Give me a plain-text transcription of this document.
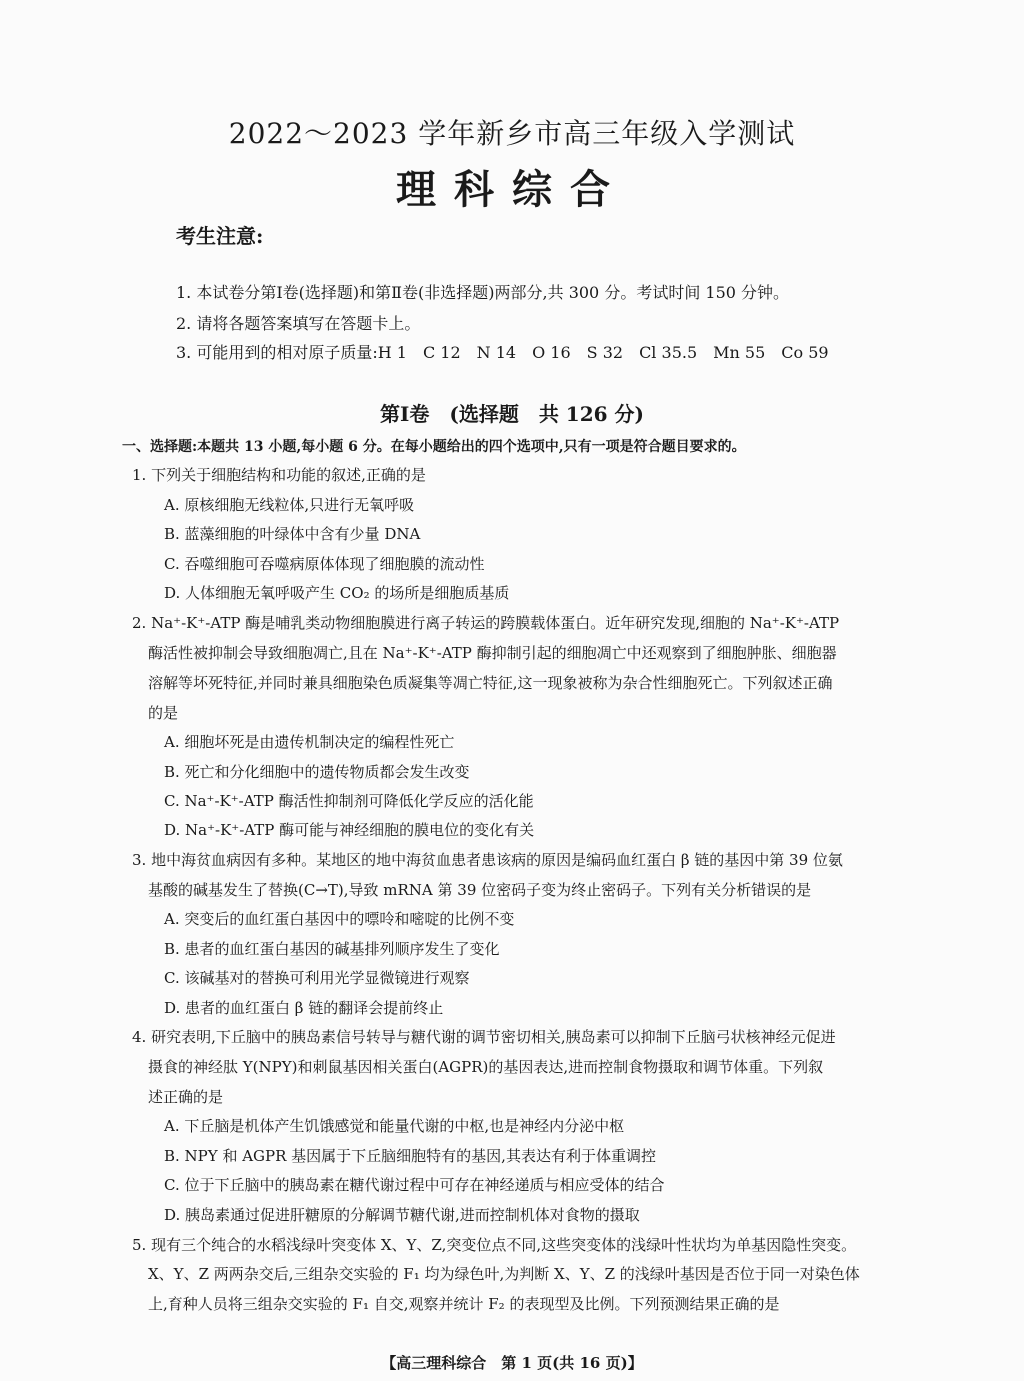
2022～2023 学年新乡市高三年级入学测试
理科综合
考生注意:
1. 本试卷分第Ⅰ卷(选择题)和第Ⅱ卷(非选择题)两部分,共 300 分。考试时间 150 分钟。
2. 请将各题答案填写在答题卡上。
3. 可能用到的相对原子质量:H 1　C 12　N 14　O 16　S 32　Cl 35.5　Mn 55　Co 59
第Ⅰ卷　(选择题　共 126 分)
一、选择题:本题共 13 小题,每小题 6 分。在每小题给出的四个选项中,只有一项是符合题目要求的。
1. 下列关于细胞结构和功能的叙述,正确的是
A. 原核细胞无线粒体,只进行无氧呼吸
B. 蓝藻细胞的叶绿体中含有少量 DNA
C. 吞噬细胞可吞噬病原体体现了细胞膜的流动性
D. 人体细胞无氧呼吸产生 CO₂ 的场所是细胞质基质
2. Na⁺-K⁺-ATP 酶是哺乳类动物细胞膜进行离子转运的跨膜载体蛋白。近年研究发现,细胞的 Na⁺-K⁺-ATP
酶活性被抑制会导致细胞凋亡,且在 Na⁺-K⁺-ATP 酶抑制引起的细胞凋亡中还观察到了细胞肿胀、细胞器
溶解等坏死特征,并同时兼具细胞染色质凝集等凋亡特征,这一现象被称为杂合性细胞死亡。下列叙述正确
的是
A. 细胞坏死是由遗传机制决定的编程性死亡
B. 死亡和分化细胞中的遗传物质都会发生改变
C. Na⁺-K⁺-ATP 酶活性抑制剂可降低化学反应的活化能
D. Na⁺-K⁺-ATP 酶可能与神经细胞的膜电位的变化有关
3. 地中海贫血病因有多种。某地区的地中海贫血患者患该病的原因是编码血红蛋白 β 链的基因中第 39 位氨
基酸的碱基发生了替换(C→T),导致 mRNA 第 39 位密码子变为终止密码子。下列有关分析错误的是
A. 突变后的血红蛋白基因中的嘌呤和嘧啶的比例不变
B. 患者的血红蛋白基因的碱基排列顺序发生了变化
C. 该碱基对的替换可利用光学显微镜进行观察
D. 患者的血红蛋白 β 链的翻译会提前终止
4. 研究表明,下丘脑中的胰岛素信号转导与糖代谢的调节密切相关,胰岛素可以抑制下丘脑弓状核神经元促进
摄食的神经肽 Y(NPY)和刺鼠基因相关蛋白(AGPR)的基因表达,进而控制食物摄取和调节体重。下列叙
述正确的是
A. 下丘脑是机体产生饥饿感觉和能量代谢的中枢,也是神经内分泌中枢
B. NPY 和 AGPR 基因属于下丘脑细胞特有的基因,其表达有利于体重调控
C. 位于下丘脑中的胰岛素在糖代谢过程中可存在神经递质与相应受体的结合
D. 胰岛素通过促进肝糖原的分解调节糖代谢,进而控制机体对食物的摄取
5. 现有三个纯合的水稻浅绿叶突变体 X、Y、Z,突变位点不同,这些突变体的浅绿叶性状均为单基因隐性突变。
X、Y、Z 两两杂交后,三组杂交实验的 F₁ 均为绿色叶,为判断 X、Y、Z 的浅绿叶基因是否位于同一对染色体
上,育种人员将三组杂交实验的 F₁ 自交,观察并统计 F₂ 的表现型及比例。下列预测结果正确的是
【高三理科综合　第 1 页(共 16 页)】
